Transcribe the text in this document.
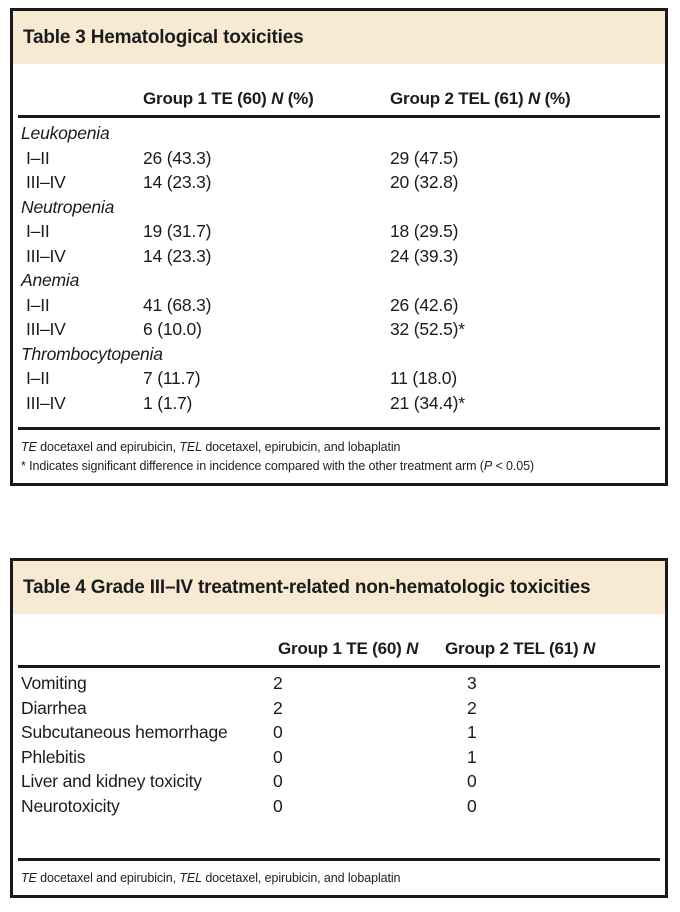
Table 3 Hematological toxicities
Group 1 TE (60) N (%)	Group 2 TEL (61) N (%)
Leukopenia
I–II	26 (43.3)	29 (47.5)
III–IV	14 (23.3)	20 (32.8)
Neutropenia
I–II	19 (31.7)	18 (29.5)
III–IV	14 (23.3)	24 (39.3)
Anemia
I–II	41 (68.3)	26 (42.6)
III–IV	6 (10.0)	32 (52.5)*
Thrombocytopenia
I–II	7 (11.7)	11 (18.0)
III–IV	1 (1.7)	21 (34.4)*
TE docetaxel and epirubicin, TEL docetaxel, epirubicin, and lobaplatin
* Indicates significant difference in incidence compared with the other treatment arm (P < 0.05)
Table 4 Grade III–IV treatment-related non-hematologic toxicities
Group 1 TE (60) N	Group 2 TEL (61) N
Vomiting	2	3
Diarrhea	2	2
Subcutaneous hemorrhage	0	1
Phlebitis	0	1
Liver and kidney toxicity	0	0
Neurotoxicity	0	0
TE docetaxel and epirubicin, TEL docetaxel, epirubicin, and lobaplatin
